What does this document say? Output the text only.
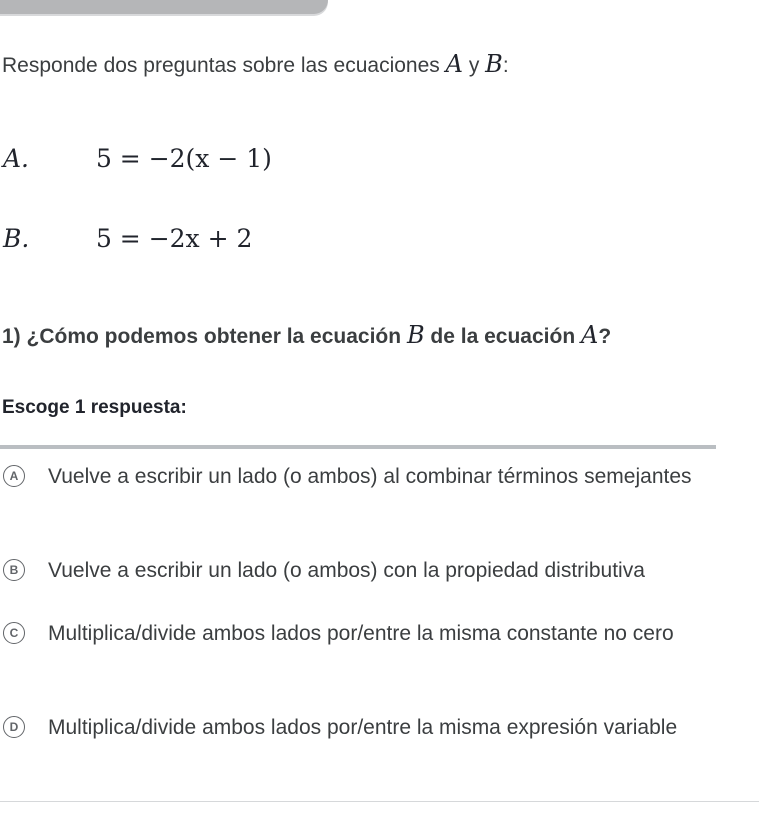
Responde dos preguntas sobre las ecuaciones A y B:
A.	5 = −2(x − 1)
B.	5 = −2x + 2
1) ¿Cómo podemos obtener la ecuación B de la ecuación A?
Escoge 1 respuesta:
A	Vuelve a escribir un lado (o ambos) al combinar términos semejantes
B	Vuelve a escribir un lado (o ambos) con la propiedad distributiva
C	Multiplica/divide ambos lados por/entre la misma constante no cero
D	Multiplica/divide ambos lados por/entre la misma expresión variable
